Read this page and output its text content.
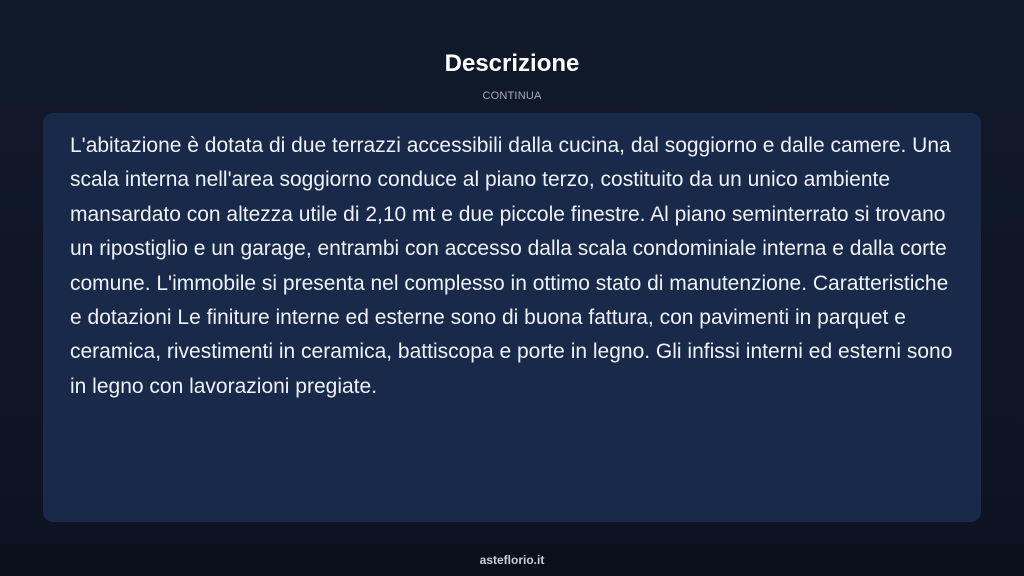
Descrizione
CONTINUA

L'abitazione è dotata di due terrazzi accessibili dalla cucina, dal soggiorno e dalle camere. Una scala interna nell'area soggiorno conduce al piano terzo, costituito da un unico ambiente mansardato con altezza utile di 2,10 mt e due piccole finestre. Al piano seminterrato si trovano un ripostiglio e un garage, entrambi con accesso dalla scala condominiale interna e dalla corte comune. L'immobile si presenta nel complesso in ottimo stato di manutenzione. Caratteristiche e dotazioni Le finiture interne ed esterne sono di buona fattura, con pavimenti in parquet e ceramica, rivestimenti in ceramica, battiscopa e porte in legno. Gli infissi interni ed esterni sono in legno con lavorazioni pregiate.

asteflorio.it
